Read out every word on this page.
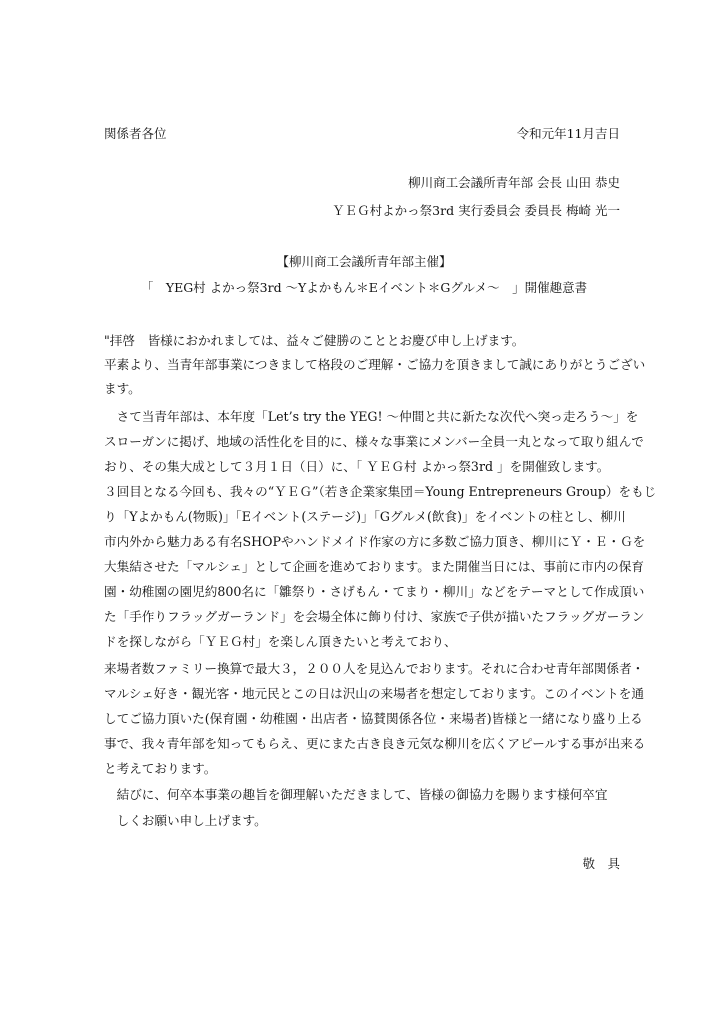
関係者各位	令和元年11月吉日
柳川商工会議所青年部 会長 山田 恭史
ＹＥＧ村よかっ祭3rd 実行委員会 委員長 梅崎 光一
【柳川商工会議所青年部主催】
「　YEG村 よかっ祭3rd 〜Yよかもん＊Eイベント＊Gグルメ〜　」開催趣意書
"拝啓　皆様におかれましては、益々ご健勝のこととお慶び申し上げます。
平素より、当青年部事業につきまして格段のご理解・ご協力を頂きまして誠にありがとうござい
ます。
　さて当青年部は、本年度「Let’s try the YEG! 〜仲間と共に新たな次代へ突っ走ろう〜」を
スローガンに掲げ、地域の活性化を目的に、様々な事業にメンバー全員一丸となって取り組んで
おり、その集大成として３月１日（日）に、「 ＹＥＧ村 よかっ祭3rd 」を開催致します。
３回目となる今回も、我々の“ＹＥＧ”（若き企業家集団＝Young Entrepreneurs Group）をもじ
り「Yよかもん(物販)」「Eイベント(ステージ)」「Gグルメ(飲食)」をイベントの柱とし、柳川
市内外から魅力ある有名SHOPやハンドメイド作家の方に多数ご協力頂き、柳川にＹ・Ｅ・Ｇを
大集結させた「マルシェ」として企画を進めております。また開催当日には、事前に市内の保育
園・幼稚園の園児約800名に「雛祭り・さげもん・てまり・柳川」などをテーマとして作成頂い
た「手作りフラッグガーランド」を会場全体に飾り付け、家族で子供が描いたフラッグガーラン
ドを探しながら「ＹＥＧ村」を楽しん頂きたいと考えており、
来場者数ファミリー換算で最大３，２００人を見込んでおります。それに合わせ青年部関係者・
マルシェ好き・観光客・地元民とこの日は沢山の来場者を想定しております。このイベントを通
してご協力頂いた(保育園・幼稚園・出店者・協賛関係各位・来場者)皆様と一緒になり盛り上る
事で、我々青年部を知ってもらえ、更にまた古き良き元気な柳川を広くアピールする事が出来る
と考えております。
　結びに、何卒本事業の趣旨を御理解いただきまして、皆様の御協力を賜ります様何卒宜
　しくお願い申し上げます。
敬　具
